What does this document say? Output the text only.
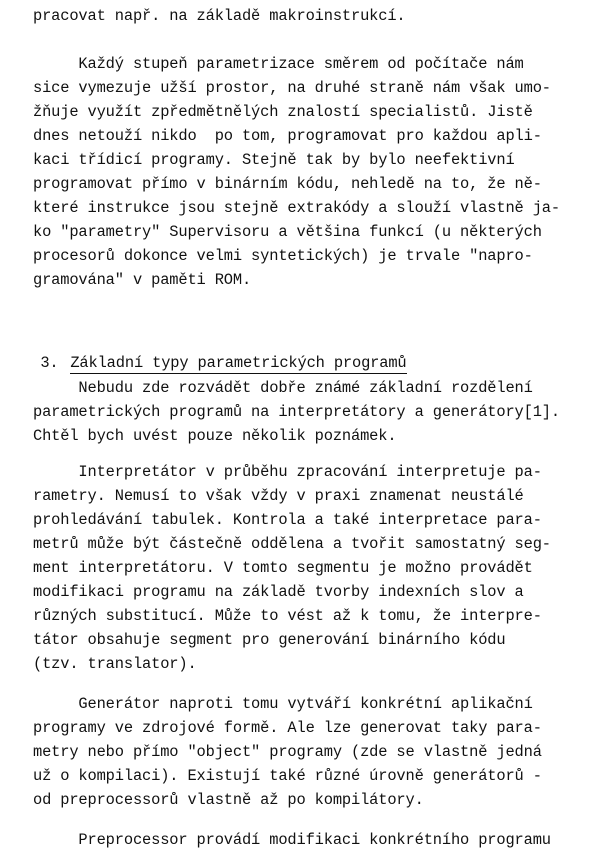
pracovat např. na základě makroinstrukcí.
Každý stupeň parametrizace směrem od počítače nám
sice vymezuje užší prostor, na druhé straně nám však umo-
žňuje využít zpředmětnělých znalostí specialistů. Jistě
dnes netouží nikdo  po tom, programovat pro každou apli-
kaci třídicí programy. Stejně tak by bylo neefektivní
programovat přímo v binárním kódu, nehledě na to, že ně-
které instrukce jsou stejně extrakódy a slouží vlastně ja-
ko "parametry" Supervisoru a většina funkcí (u některých
procesorů dokonce velmi syntetických) je trvale "napro-
gramována" v paměti ROM.

3. Základní typy parametrických programů

Nebudu zde rozvádět dobře známé základní rozdělení
parametrických programů na interpretátory a generátory[1].
Chtěl bych uvést pouze několik poznámek.
Interpretátor v průběhu zpracování interpretuje pa-
rametry. Nemusí to však vždy v praxi znamenat neustálé
prohledávání tabulek. Kontrola a také interpretace para-
metrů může být částečně oddělena a tvořit samostatný seg-
ment interpretátoru. V tomto segmentu je možno provádět
modifikaci programu na základě tvorby indexních slov a
různých substitucí. Může to vést až k tomu, že interpre-
tátor obsahuje segment pro generování binárního kódu
(tzv. translator).
Generátor naproti tomu vytváří konkrétní aplikační
programy ve zdrojové formě. Ale lze generovat taky para-
metry nebo přímo "object" programy (zde se vlastně jedná
už o kompilaci). Existují také různé úrovně generátorů -
od preprocessorů vlastně až po kompilátory.
Preprocessor provádí modifikaci konkrétního programu
